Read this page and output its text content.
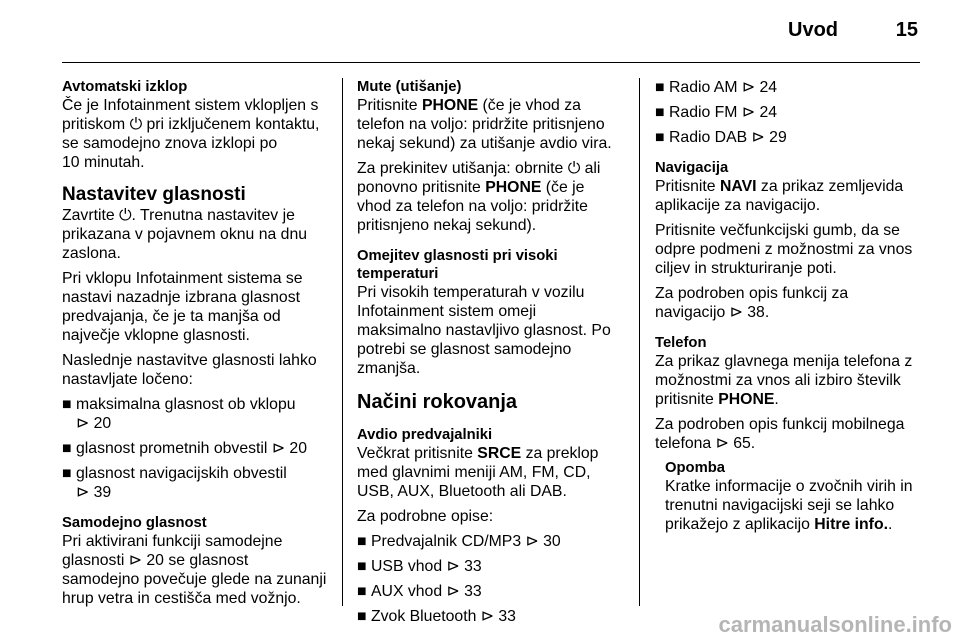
Uvod	15
Avtomatski izklop

Če je Infotainment sistem vklopljen s
pritiskom ⏻ pri izključenem kontaktu,
se samodejno znova izklopi po
10 minutah.

Nastavitev glasnosti

Zavrtite ⏻. Trenutna nastavitev je
prikazana v pojavnem oknu na dnu
zaslona.

Pri vklopu Infotainment sistema se
nastavi nazadnje izbrana glasnost
predvajanja, če je ta manjša od
največje vklopne glasnosti.

Naslednje nastavitve glasnosti lahko
nastavljate ločeno:

■ maksimalna glasnost ob vklopu
⊳ 20
■ glasnost prometnih obvestil ⊳ 20
■ glasnost navigacijskih obvestil
⊳ 39
Samodejno glasnost

Pri aktivirani funkciji samodejne
glasnosti ⊳ 20 se glasnost
samodejno povečuje glede na zunanji
hrup vetra in cestišča med vožnjo.

Mute (utišanje)

Pritisnite PHONE (če je vhod za
telefon na voljo: pridržite pritisnjeno
nekaj sekund) za utišanje avdio vira.

Za prekinitev utišanja: obrnite ⏻ ali
ponovno pritisnite PHONE (če je
vhod za telefon na voljo: pridržite
pritisnjeno nekaj sekund).

Omejitev glasnosti pri visoki
temperaturi

Pri visokih temperaturah v vozilu
Infotainment sistem omeji
maksimalno nastavljivo glasnost. Po
potrebi se glasnost samodejno
zmanjša.

Načini rokovanja
Avdio predvajalniki

Večkrat pritisnite SRCE za preklop
med glavnimi meniji AM, FM, CD,
USB, AUX, Bluetooth ali DAB.

Za podrobne opise:

■ Predvajalnik CD/MP3 ⊳ 30
■ USB vhod ⊳ 33
■ AUX vhod ⊳ 33
■ Zvok Bluetooth ⊳ 33
■ Radio AM ⊳ 24
■ Radio FM ⊳ 24
■ Radio DAB ⊳ 29
Navigacija

Pritisnite NAVI za prikaz zemljevida
aplikacije za navigacijo.

Pritisnite večfunkcijski gumb, da se
odpre podmeni z možnostmi za vnos
ciljev in strukturiranje poti.

Za podroben opis funkcij za
navigacijo ⊳ 38.

Telefon

Za prikaz glavnega menija telefona z
možnostmi za vnos ali izbiro številk
pritisnite PHONE.

Za podroben opis funkcij mobilnega
telefona ⊳ 65.

Opomba

Kratke informacije o zvočnih virih in
trenutni navigacijski seji se lahko
prikažejo z aplikacijo Hitre info..

carmanualsonline.info
